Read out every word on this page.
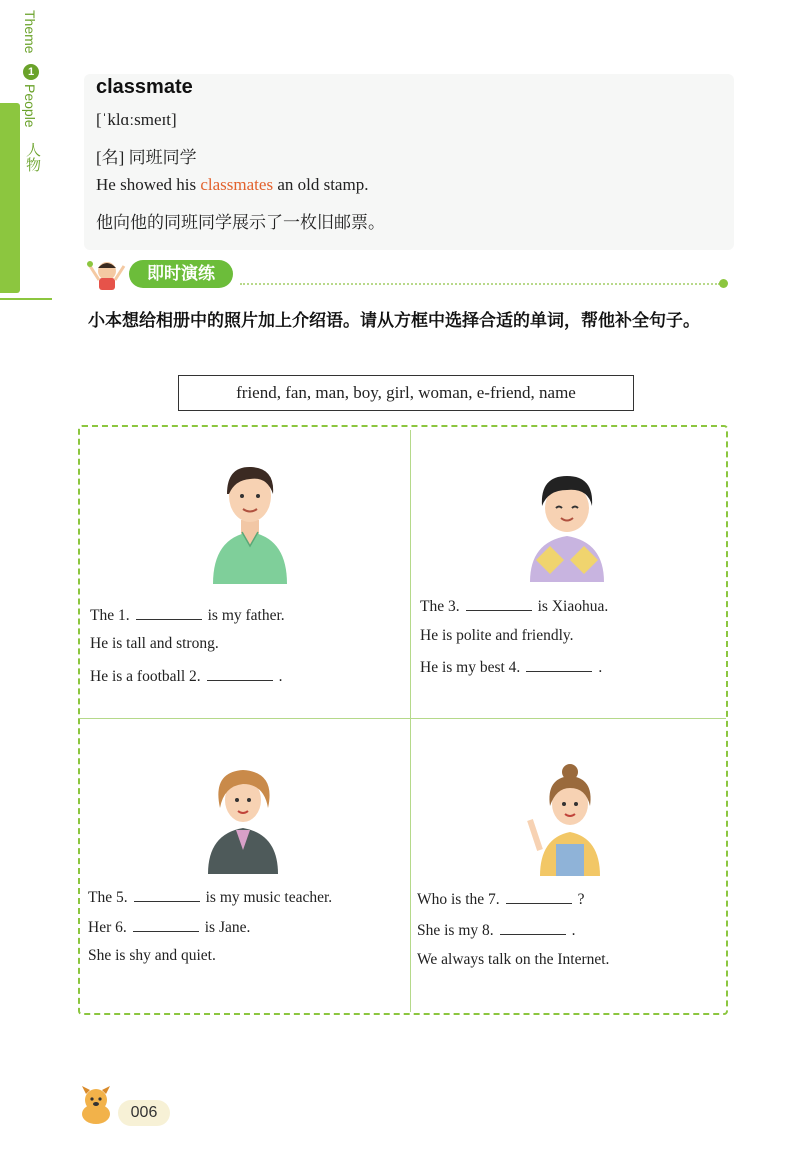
Theme
1
People
人物
classmate
[ˈklɑːsmeɪt]
[名] 同班同学
He showed his classmates an old stamp.
他向他的同班同学展示了一枚旧邮票。
即时演练
小本想给相册中的照片加上介绍语。请从方框中选择合适的单词，帮他补全句子。
friend, fan, man, boy, girl, woman, e-friend, name
The 1.	is my father.
He is tall and strong.
He is a football 2.	.
The 3.	is Xiaohua.
He is polite and friendly.
He is my best 4.	.
The 5.	is my music teacher.
Her 6.	is Jane.
She is shy and quiet.
Who is the 7.	?
She is my 8.	.
We always talk on the Internet.
006
